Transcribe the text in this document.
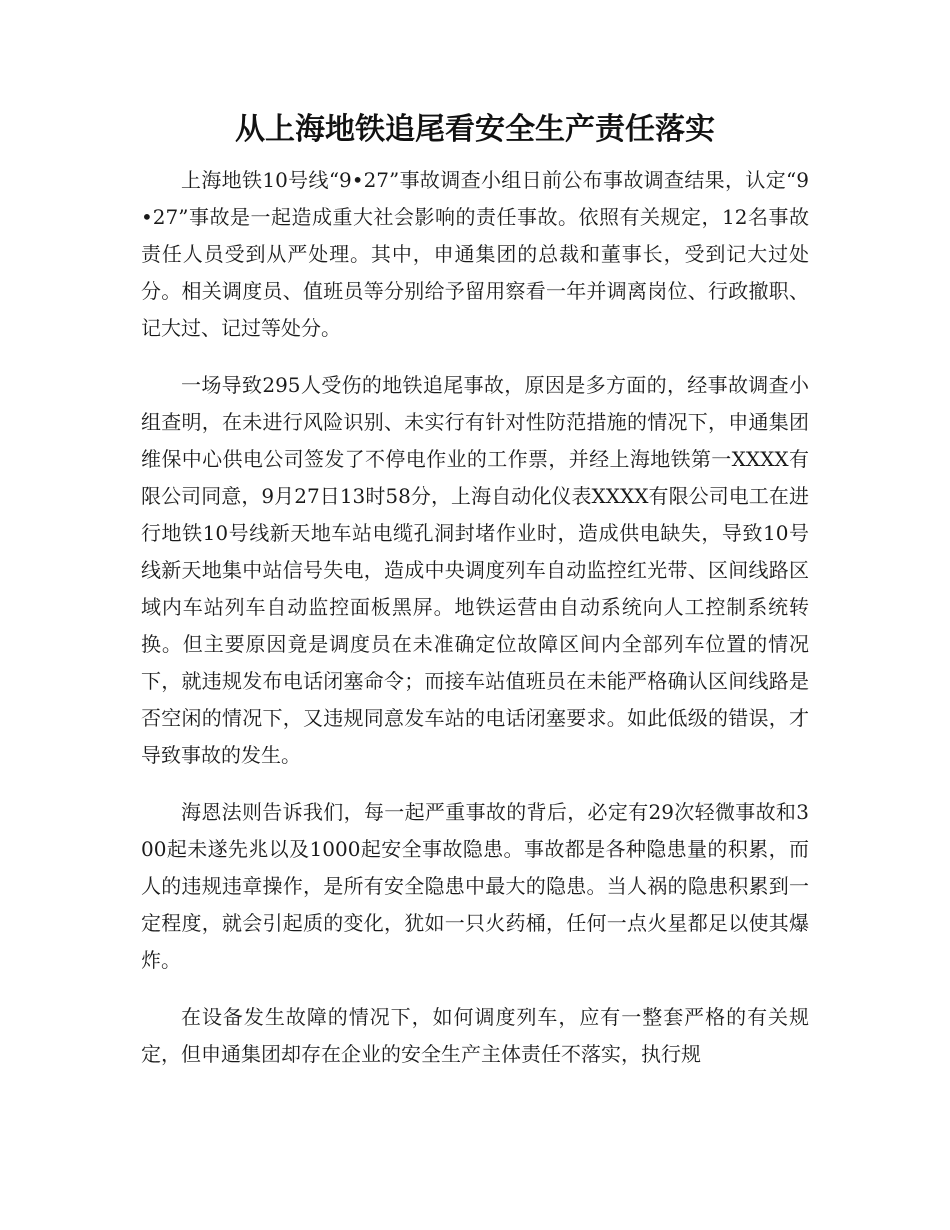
从上海地铁追尾看安全生产责任落实

上海地铁10号线“9•27”事故调查小组日前公布事故调查结果，认定“9•27”事故是一起造成重大社会影响的责任事故。依照有关规定，12名事故责任人员受到从严处理。其中，申通集团的总裁和董事长，受到记大过处分。相关调度员、值班员等分别给予留用察看一年并调离岗位、行政撤职、记大过、记过等处分。

一场导致295人受伤的地铁追尾事故，原因是多方面的，经事故调查小组查明，在未进行风险识别、未实行有针对性防范措施的情况下，申通集团维保中心供电公司签发了不停电作业的工作票，并经上海地铁第一XXXX有限公司同意，9月27日13时58分，上海自动化仪表XXXX有限公司电工在进行地铁10号线新天地车站电缆孔洞封堵作业时，造成供电缺失，导致10号线新天地集中站信号失电，造成中央调度列车自动监控红光带、区间线路区域内车站列车自动监控面板黑屏。地铁运营由自动系统向人工控制系统转换。但主要原因竟是调度员在未准确定位故障区间内全部列车位置的情况下，就违规发布电话闭塞命令；而接车站值班员在未能严格确认区间线路是否空闲的情况下，又违规同意发车站的电话闭塞要求。如此低级的错误，才导致事故的发生。

海恩法则告诉我们，每一起严重事故的背后，必定有29次轻微事故和300起未遂先兆以及1000起安全事故隐患。事故都是各种隐患量的积累，而人的违规违章操作，是所有安全隐患中最大的隐患。当人祸的隐患积累到一定程度，就会引起质的变化，犹如一只火药桶，任何一点火星都足以使其爆炸。

在设备发生故障的情况下，如何调度列车，应有一整套严格的有关规定，但申通集团却存在企业的安全生产主体责任不落实，执行规
